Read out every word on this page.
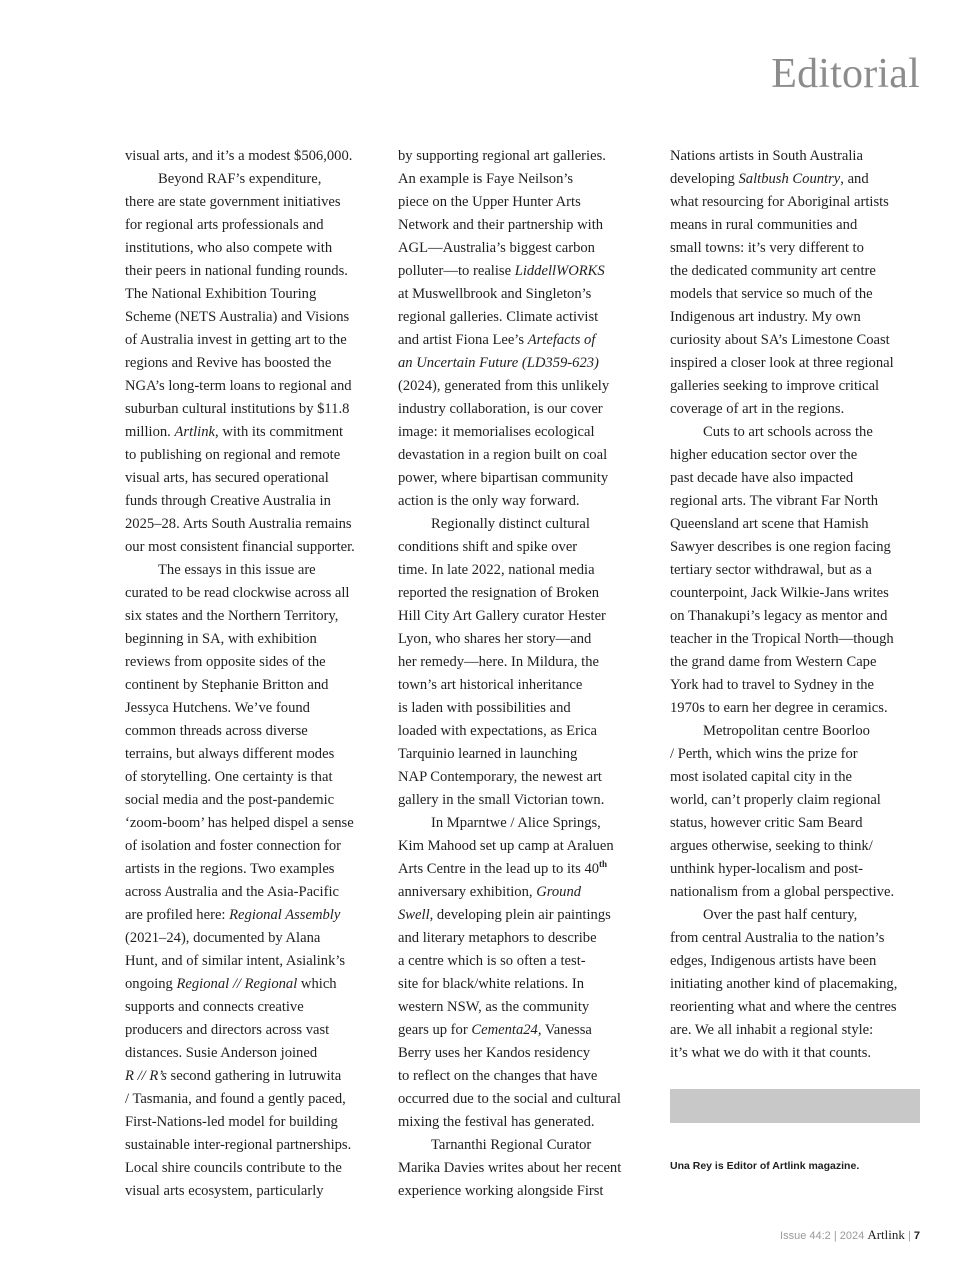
Editorial

visual arts, and it’s a modest $506,000.

Beyond RAF’s expenditure,
there are state government initiatives
for regional arts professionals and
institutions, who also compete with
their peers in national funding rounds.
The National Exhibition Touring
Scheme (NETS Australia) and Visions
of Australia invest in getting art to the
regions and Revive has boosted the
NGA’s long-term loans to regional and
suburban cultural institutions by $11.8
million. Artlink, with its commitment
to publishing on regional and remote
visual arts, has secured operational
funds through Creative Australia in
2025–28. Arts South Australia remains
our most consistent financial supporter.

The essays in this issue are
curated to be read clockwise across all
six states and the Northern Territory,
beginning in SA, with exhibition
reviews from opposite sides of the
continent by Stephanie Britton and
Jessyca Hutchens. We’ve found
common threads across diverse
terrains, but always different modes
of storytelling. One certainty is that
social media and the post-pandemic
‘zoom-boom’ has helped dispel a sense
of isolation and foster connection for
artists in the regions. Two examples
across Australia and the Asia-Pacific
are profiled here: Regional Assembly
(2021–24), documented by Alana
Hunt, and of similar intent, Asialink’s
ongoing Regional // Regional which
supports and connects creative
producers and directors across vast
distances. Susie Anderson joined
R // R’s second gathering in lutruwita
/ Tasmania, and found a gently paced,
First-Nations-led model for building
sustainable inter-regional partnerships.
Local shire councils contribute to the
visual arts ecosystem, particularly

by supporting regional art galleries.
An example is Faye Neilson’s
piece on the Upper Hunter Arts
Network and their partnership with
AGL—Australia’s biggest carbon
polluter—to realise LiddellWORKS
at Muswellbrook and Singleton’s
regional galleries. Climate activist
and artist Fiona Lee’s Artefacts of
an Uncertain Future (LD359-623)
(2024), generated from this unlikely
industry collaboration, is our cover
image: it memorialises ecological
devastation in a region built on coal
power, where bipartisan community
action is the only way forward.

Regionally distinct cultural
conditions shift and spike over
time. In late 2022, national media
reported the resignation of Broken
Hill City Art Gallery curator Hester
Lyon, who shares her story—and
her remedy—here. In Mildura, the
town’s art historical inheritance
is laden with possibilities and
loaded with expectations, as Erica
Tarquinio learned in launching
NAP Contemporary, the newest art
gallery in the small Victorian town.

In Mparntwe / Alice Springs,
Kim Mahood set up camp at Araluen
Arts Centre in the lead up to its 40th
anniversary exhibition, Ground
Swell, developing plein air paintings
and literary metaphors to describe
a centre which is so often a test-
site for black/white relations. In
western NSW, as the community
gears up for Cementa24, Vanessa
Berry uses her Kandos residency
to reflect on the changes that have
occurred due to the social and cultural
mixing the festival has generated.

Tarnanthi Regional Curator
Marika Davies writes about her recent
experience working alongside First

Nations artists in South Australia
developing Saltbush Country, and
what resourcing for Aboriginal artists
means in rural communities and
small towns: it’s very different to
the dedicated community art centre
models that service so much of the
Indigenous art industry. My own
curiosity about SA’s Limestone Coast
inspired a closer look at three regional
galleries seeking to improve critical
coverage of art in the regions.

Cuts to art schools across the
higher education sector over the
past decade have also impacted
regional arts. The vibrant Far North
Queensland art scene that Hamish
Sawyer describes is one region facing
tertiary sector withdrawal, but as a
counterpoint, Jack Wilkie-Jans writes
on Thanakupi’s legacy as mentor and
teacher in the Tropical North—though
the grand dame from Western Cape
York had to travel to Sydney in the
1970s to earn her degree in ceramics.

Metropolitan centre Boorloo
/ Perth, which wins the prize for
most isolated capital city in the
world, can’t properly claim regional
status, however critic Sam Beard
argues otherwise, seeking to think/
unthink hyper-localism and post-
nationalism from a global perspective.

Over the past half century,
from central Australia to the nation’s
edges, Indigenous artists have been
initiating another kind of placemaking,
reorienting what and where the centres
are. We all inhabit a regional style:
it’s what we do with it that counts.

Una Rey is Editor of Artlink magazine.
Issue 44:2 | 2024 Artlink | 7
